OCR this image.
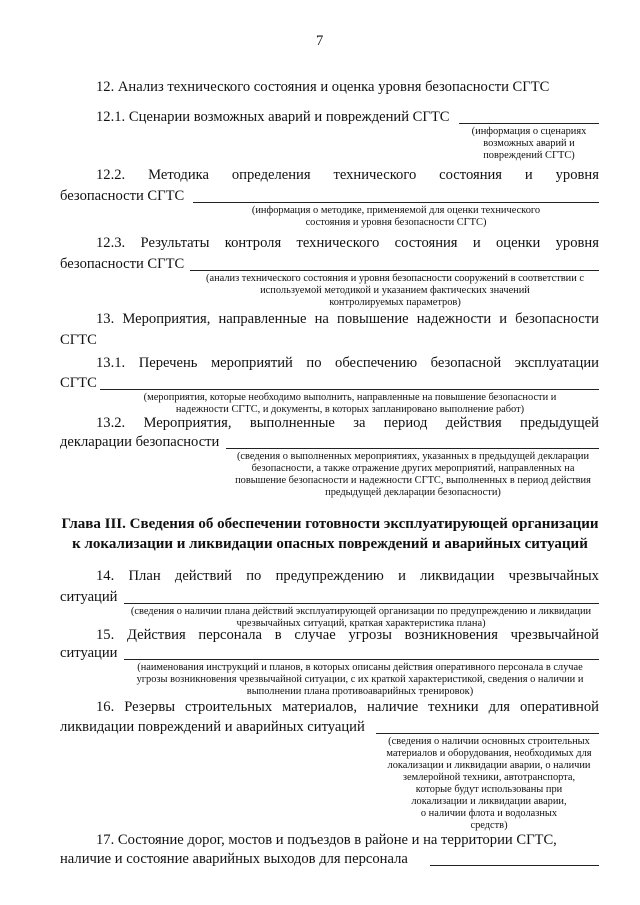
7
12. Анализ технического состояния и оценка уровня безопасности СГТС
12.1. Сценарии возможных аварий и повреждений СГТС
(информация о сценариях
возможных аварий и
повреждений СГТС)
12.2. Методика определения технического состояния и уровня
безопасности СГТС
(информация о методике, применяемой для оценки технического
состояния и уровня безопасности СГТС)
12.3. Результаты контроля технического состояния и оценки уровня
безопасности СГТС
(анализ технического состояния и уровня безопасности сооружений в соответствии с
используемой методикой и указанием фактических значений
контролируемых параметров)
13. Мероприятия, направленные на повышение надежности и безопасности
СГТС
13.1. Перечень мероприятий по обеспечению безопасной эксплуатации
СГТС
(мероприятия, которые необходимо выполнить, направленные на повышение безопасности и
надежности СГТС, и документы, в которых запланировано выполнение работ)
13.2. Мероприятия, выполненные за период действия предыдущей
декларации безопасности
(сведения о выполненных мероприятиях, указанных в предыдущей декларации
безопасности, а также отражение других мероприятий, направленных на
повышение безопасности и надежности СГТС, выполненных в период действия
предыдущей декларации безопасности)
Глава III. Сведения об обеспечении готовности эксплуатирующей организации
к локализации и ликвидации опасных повреждений и аварийных ситуаций
14. План действий по предупреждению и ликвидации чрезвычайных
ситуаций
(сведения о наличии плана действий эксплуатирующей организации по предупреждению и ликвидации
чрезвычайных ситуаций, краткая характеристика плана)
15. Действия персонала в случае угрозы возникновения чрезвычайной
ситуации
(наименования инструкций и планов, в которых описаны действия оперативного персонала в случае
угрозы возникновения чрезвычайной ситуации, с их краткой характеристикой, сведения о наличии и
выполнении плана противоаварийных тренировок)
16. Резервы строительных материалов, наличие техники для оперативной
ликвидации повреждений и аварийных ситуаций
(сведения о наличии основных строительных
материалов и оборудования, необходимых для
локализации и ликвидации аварии, о наличии
землеройной техники, автотранспорта,
которые будут использованы при
локализации и ликвидации аварии,
о наличии флота и водолазных
средств)
17. Состояние дорог, мостов и подъездов в районе и на территории СГТС,
наличие и состояние аварийных выходов для персонала
